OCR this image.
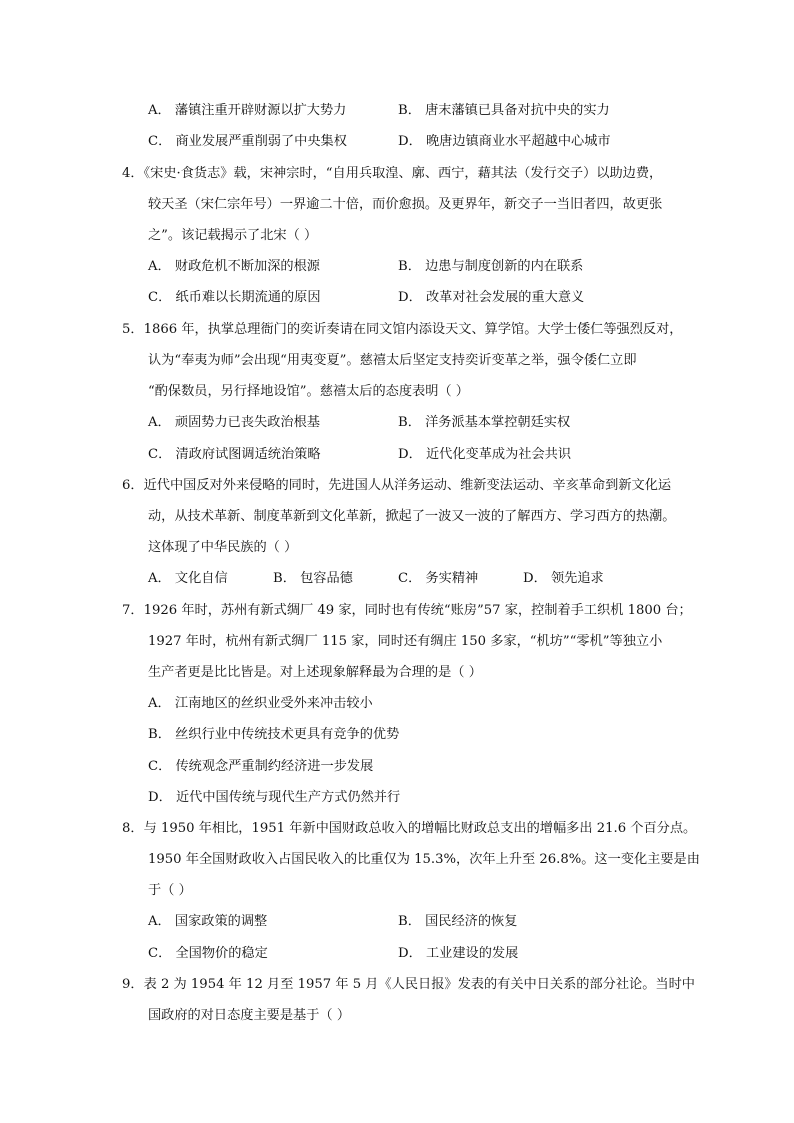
A． 藩镇注重开辟财源以扩大势力	B． 唐末藩镇已具备对抗中央的实力
C． 商业发展严重削弱了中央集权	D． 晚唐边镇商业水平超越中心城市
4．《宋史·食货志》载，宋神宗时，“自用兵取湟、廓、西宁，藉其法（发行交子）以助边费，
较天圣（宋仁宗年号）一界逾二十倍，而价愈损。及更界年，新交子一当旧者四，故更张
之”。该记载揭示了北宋（ ）
A． 财政危机不断加深的根源	B． 边患与制度创新的内在联系
C． 纸币难以长期流通的原因	D． 改革对社会发展的重大意义
5．1866 年，执掌总理衙门的奕䜣奏请在同文馆内添设天文、算学馆。大学士倭仁等强烈反对，
认为“奉夷为师”会出现“用夷变夏”。慈禧太后坚定支持奕䜣变革之举，强令倭仁立即
“酌保数员，另行择地设馆”。慈禧太后的态度表明（ ）
A． 顽固势力已丧失政治根基	B． 洋务派基本掌控朝廷实权
C． 清政府试图调适统治策略	D． 近代化变革成为社会共识
6．近代中国反对外来侵略的同时，先进国人从洋务运动、维新变法运动、辛亥革命到新文化运
动，从技术革新、制度革新到文化革新，掀起了一波又一波的了解西方、学习西方的热潮。
这体现了中华民族的（ ）
A． 文化自信	B． 包容品德	C． 务实精神	D． 领先追求
7．1926 年时，苏州有新式绸厂 49 家，同时也有传统“账房”57 家，控制着手工织机 1800 台；
1927 年时，杭州有新式绸厂 115 家，同时还有绸庄 150 多家，“机坊”“零机”等独立小
生产者更是比比皆是。对上述现象解释最为合理的是（ ）
A． 江南地区的丝织业受外来冲击较小
B． 丝织行业中传统技术更具有竞争的优势
C． 传统观念严重制约经济进一步发展
D． 近代中国传统与现代生产方式仍然并行
8．与 1950 年相比，1951 年新中国财政总收入的增幅比财政总支出的增幅多出 21.6 个百分点。
1950 年全国财政收入占国民收入的比重仅为 15.3%，次年上升至 26.8%。这一变化主要是由
于（ ）
A． 国家政策的调整	B． 国民经济的恢复
C． 全国物价的稳定	D． 工业建设的发展
9．表 2 为 1954 年 12 月至 1957 年 5 月《人民日报》发表的有关中日关系的部分社论。当时中
国政府的对日态度主要是基于（ ）
